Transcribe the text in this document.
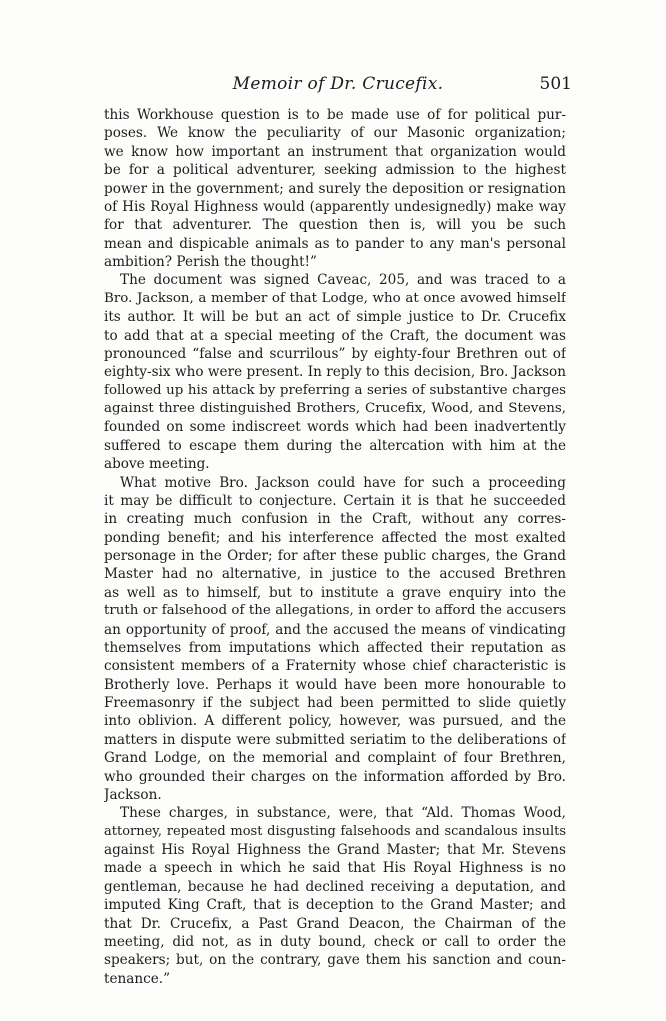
Memoir of Dr. Crucefix.	501
this Workhouse question is to be made use of for political pur-
poses. We know the peculiarity of our Masonic organization;
we know how important an instrument that organization would
be for a political adventurer, seeking admission to the highest
power in the government; and surely the deposition or resignation
of His Royal Highness would (apparently undesignedly) make way
for that adventurer. The question then is, will you be such
mean and dispicable animals as to pander to any man's personal
ambition? Perish the thought!”
The document was signed Caveac, 205, and was traced to a
Bro. Jackson, a member of that Lodge, who at once avowed himself
its author. It will be but an act of simple justice to Dr. Crucefix
to add that at a special meeting of the Craft, the document was
pronounced “false and scurrilous” by eighty-four Brethren out of
eighty-six who were present. In reply to this decision, Bro. Jackson
followed up his attack by preferring a series of substantive charges
against three distinguished Brothers, Crucefix, Wood, and Stevens,
founded on some indiscreet words which had been inadvertently
suffered to escape them during the altercation with him at the
above meeting.
What motive Bro. Jackson could have for such a proceeding
it may be difficult to conjecture. Certain it is that he succeeded
in creating much confusion in the Craft, without any corres-
ponding benefit; and his interference affected the most exalted
personage in the Order; for after these public charges, the Grand
Master had no alternative, in justice to the accused Brethren
as well as to himself, but to institute a grave enquiry into the
truth or falsehood of the allegations, in order to afford the accusers
an opportunity of proof, and the accused the means of vindicating
themselves from imputations which affected their reputation as
consistent members of a Fraternity whose chief characteristic is
Brotherly love. Perhaps it would have been more honourable to
Freemasonry if the subject had been permitted to slide quietly
into oblivion. A different policy, however, was pursued, and the
matters in dispute were submitted seriatim to the deliberations of
Grand Lodge, on the memorial and complaint of four Brethren,
who grounded their charges on the information afforded by Bro.
Jackson.
These charges, in substance, were, that “Ald. Thomas Wood,
attorney, repeated most disgusting falsehoods and scandalous insults
against His Royal Highness the Grand Master; that Mr. Stevens
made a speech in which he said that His Royal Highness is no
gentleman, because he had declined receiving a deputation, and
imputed King Craft, that is deception to the Grand Master; and
that Dr. Crucefix, a Past Grand Deacon, the Chairman of the
meeting, did not, as in duty bound, check or call to order the
speakers; but, on the contrary, gave them his sanction and coun-
tenance.”
